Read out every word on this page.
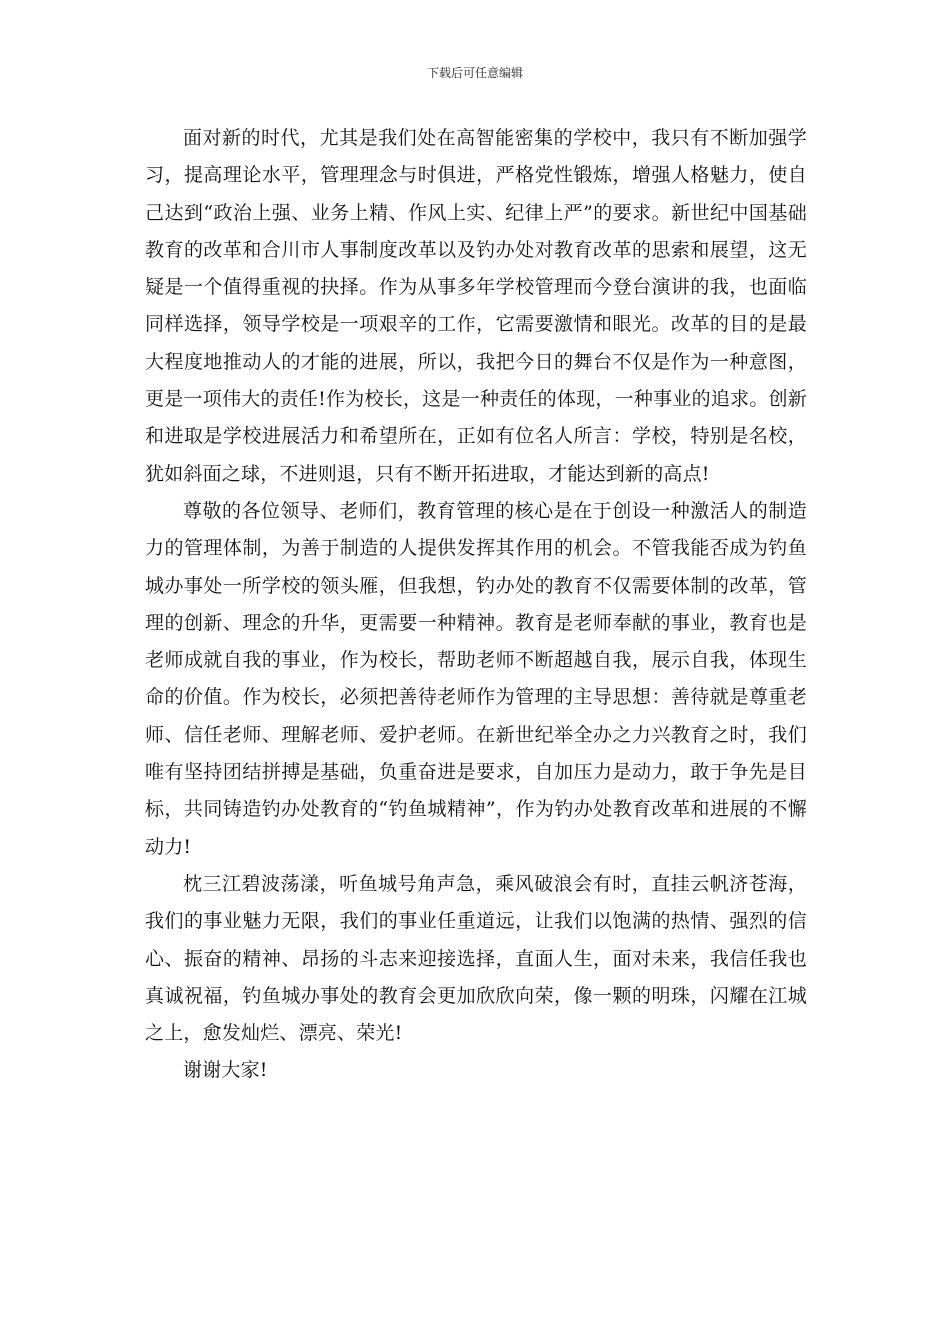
下载后可任意编辑

面对新的时代，尤其是我们处在高智能密集的学校中，我只有不断加强学习，提高理论水平，管理理念与时俱进，严格党性锻炼，增强人格魅力，使自己达到“政治上强、业务上精、作风上实、纪律上严”的要求。新世纪中国基础教育的改革和合川市人事制度改革以及钓办处对教育改革的思索和展望，这无疑是一个值得重视的抉择。作为从事多年学校管理而今登台演讲的我，也面临同样选择，领导学校是一项艰辛的工作，它需要激情和眼光。改革的目的是最大程度地推动人的才能的进展，所以，我把今日的舞台不仅是作为一种意图，更是一项伟大的责任!作为校长，这是一种责任的体现，一种事业的追求。创新和进取是学校进展活力和希望所在，正如有位名人所言：学校，特别是名校，犹如斜面之球，不进则退，只有不断开拓进取，才能达到新的高点!

尊敬的各位领导、老师们，教育管理的核心是在于创设一种激活人的制造力的管理体制，为善于制造的人提供发挥其作用的机会。不管我能否成为钓鱼城办事处一所学校的领头雁，但我想，钓办处的教育不仅需要体制的改革，管理的创新、理念的升华，更需要一种精神。教育是老师奉献的事业，教育也是老师成就自我的事业，作为校长，帮助老师不断超越自我，展示自我，体现生命的价值。作为校长，必须把善待老师作为管理的主导思想：善待就是尊重老师、信任老师、理解老师、爱护老师。在新世纪举全办之力兴教育之时，我们唯有坚持团结拼搏是基础，负重奋进是要求，自加压力是动力，敢于争先是目标，共同铸造钓办处教育的“钓鱼城精神”，作为钓办处教育改革和进展的不懈动力!

枕三江碧波荡漾，听鱼城号角声急，乘风破浪会有时，直挂云帆济苍海，我们的事业魅力无限，我们的事业任重道远，让我们以饱满的热情、强烈的信心、振奋的精神、昂扬的斗志来迎接选择，直面人生，面对未来，我信任我也真诚祝福，钓鱼城办事处的教育会更加欣欣向荣，像一颗的明珠，闪耀在江城之上，愈发灿烂、漂亮、荣光!

谢谢大家!
